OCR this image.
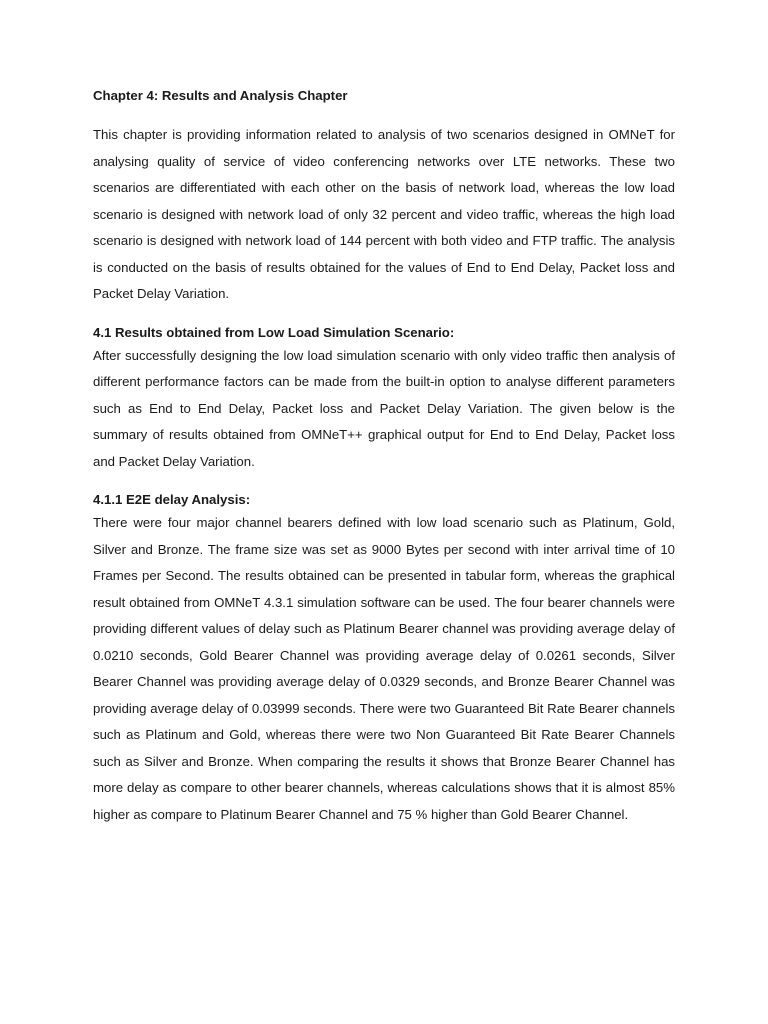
Chapter 4: Results and Analysis Chapter

This chapter is providing information related to analysis of two scenarios designed in OMNeT for analysing quality of service of video conferencing networks over LTE networks. These two scenarios are differentiated with each other on the basis of network load, whereas the low load scenario is designed with network load of only 32 percent and video traffic, whereas the high load scenario is designed with network load of 144 percent with both video and FTP traffic. The analysis is conducted on the basis of results obtained for the values of End to End Delay, Packet loss and Packet Delay Variation.

4.1 Results obtained from Low Load Simulation Scenario:

After successfully designing the low load simulation scenario with only video traffic then analysis of different performance factors can be made from the built-in option to analyse different parameters such as End to End Delay, Packet loss and Packet Delay Variation. The given below is the summary of results obtained from OMNeT++ graphical output for End to End Delay, Packet loss and Packet Delay Variation.

4.1.1 E2E delay Analysis:

There were four major channel bearers defined with low load scenario such as Platinum, Gold, Silver and Bronze. The frame size was set as 9000 Bytes per second with inter arrival time of 10 Frames per Second. The results obtained can be presented in tabular form, whereas the graphical result obtained from OMNeT 4.3.1 simulation software can be used. The four bearer channels were providing different values of delay such as Platinum Bearer channel was providing average delay of 0.0210 seconds, Gold Bearer Channel was providing average delay of 0.0261 seconds, Silver Bearer Channel was providing average delay of 0.0329 seconds, and Bronze Bearer Channel was providing average delay of 0.03999 seconds. There were two Guaranteed Bit Rate Bearer channels such as Platinum and Gold, whereas there were two Non Guaranteed Bit Rate Bearer Channels such as Silver and Bronze. When comparing the results it shows that Bronze Bearer Channel has more delay as compare to other bearer channels, whereas calculations shows that it is almost 85% higher as compare to Platinum Bearer Channel and 75 % higher than Gold Bearer Channel.
